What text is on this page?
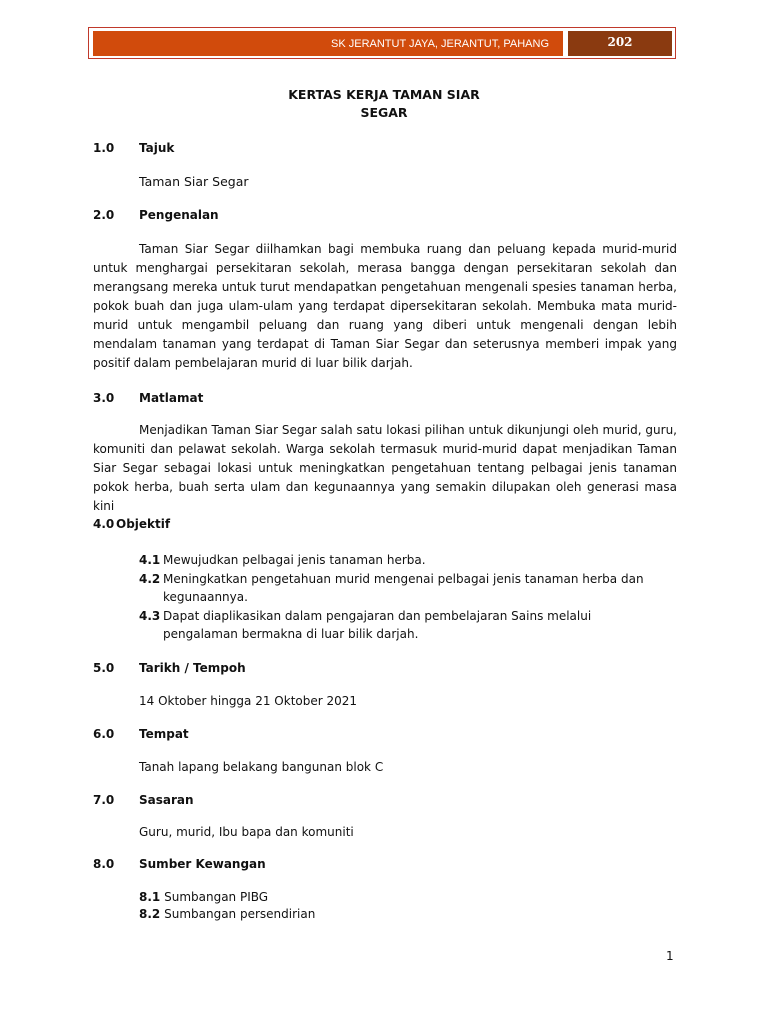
SK JERANTUT JAYA, JERANTUT, PAHANG	202
KERTAS KERJA TAMAN SIAR
SEGAR
1.0 Tajuk
Taman Siar Segar
2.0 Pengenalan

Taman Siar Segar diilhamkan bagi membuka ruang dan peluang kepada murid-murid untuk menghargai persekitaran sekolah, merasa bangga dengan persekitaran sekolah dan merangsang mereka untuk turut mendapatkan pengetahuan mengenali spesies tanaman herba, pokok buah dan juga ulam-ulam yang terdapat dipersekitaran sekolah. Membuka mata murid-murid untuk mengambil peluang dan ruang yang diberi untuk mengenali dengan lebih mendalam tanaman yang terdapat di Taman Siar Segar dan seterusnya memberi impak yang positif dalam pembelajaran murid di luar bilik darjah.

3.0 Matlamat

Menjadikan Taman Siar Segar salah satu lokasi pilihan untuk dikunjungi oleh murid, guru, komuniti dan pelawat sekolah. Warga sekolah termasuk murid-murid dapat menjadikan Taman Siar Segar sebagai lokasi untuk meningkatkan pengetahuan tentang pelbagai jenis tanaman pokok herba, buah serta ulam dan kegunaannya yang semakin dilupakan oleh generasi masa kini

4.0 Objektif
4.1 Mewujudkan pelbagai jenis tanaman herba.
4.2 Meningkatkan pengetahuan murid mengenai pelbagai jenis tanaman herba dan kegunaannya.
4.3 Dapat diaplikasikan dalam pengajaran dan pembelajaran Sains melalui pengalaman bermakna di luar bilik darjah.
5.0 Tarikh / Tempoh
14 Oktober hingga 21 Oktober 2021
6.0 Tempat
Tanah lapang belakang bangunan blok C
7.0 Sasaran
Guru, murid, Ibu bapa dan komuniti
8.0 Sumber Kewangan
8.1 Sumbangan PIBG
8.2 Sumbangan persendirian
1
